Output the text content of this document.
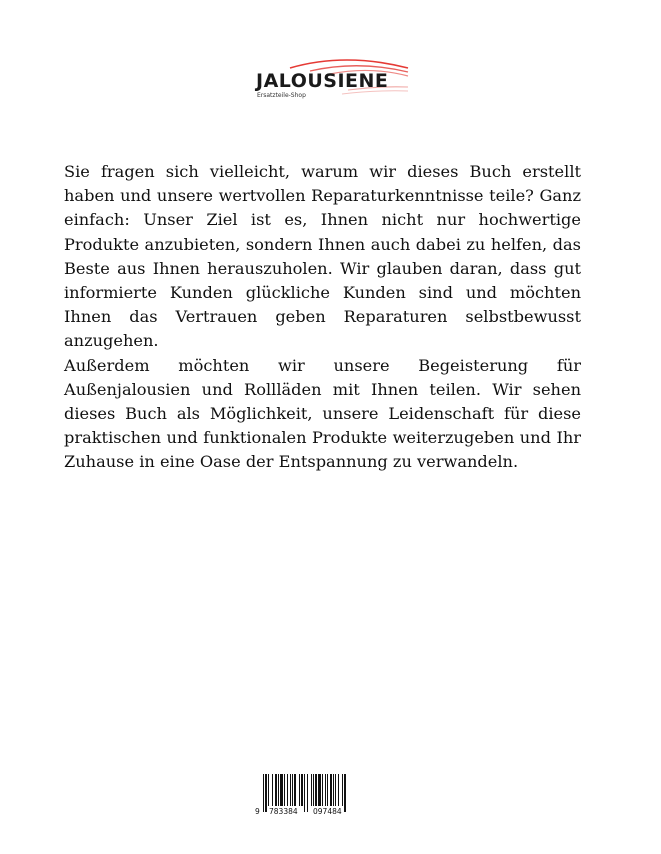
JALOUSIENE
Ersatzteile-Shop

Sie fragen sich vielleicht, warum wir dieses Buch erstellt haben und unsere wertvollen Reparaturkenntnisse teile? Ganz einfach: Unser Ziel ist es, Ihnen nicht nur hochwertige Produkte anzubieten, sondern Ihnen auch dabei zu helfen, das Beste aus Ihnen herauszuholen. Wir glauben daran, dass gut informierte Kunden glückliche Kunden sind und möchten Ihnen das Vertrauen geben Reparaturen selbstbewusst anzugehen.

Außerdem möchten wir unsere Begeisterung für Außenjalousien und Rollläden mit Ihnen teilen. Wir sehen dieses Buch als Möglichkeit, unsere Leidenschaft für diese praktischen und funktionalen Produkte weiterzugeben und Ihr Zuhause in eine Oase der Entspannung zu verwandeln.

9 783384 097484
